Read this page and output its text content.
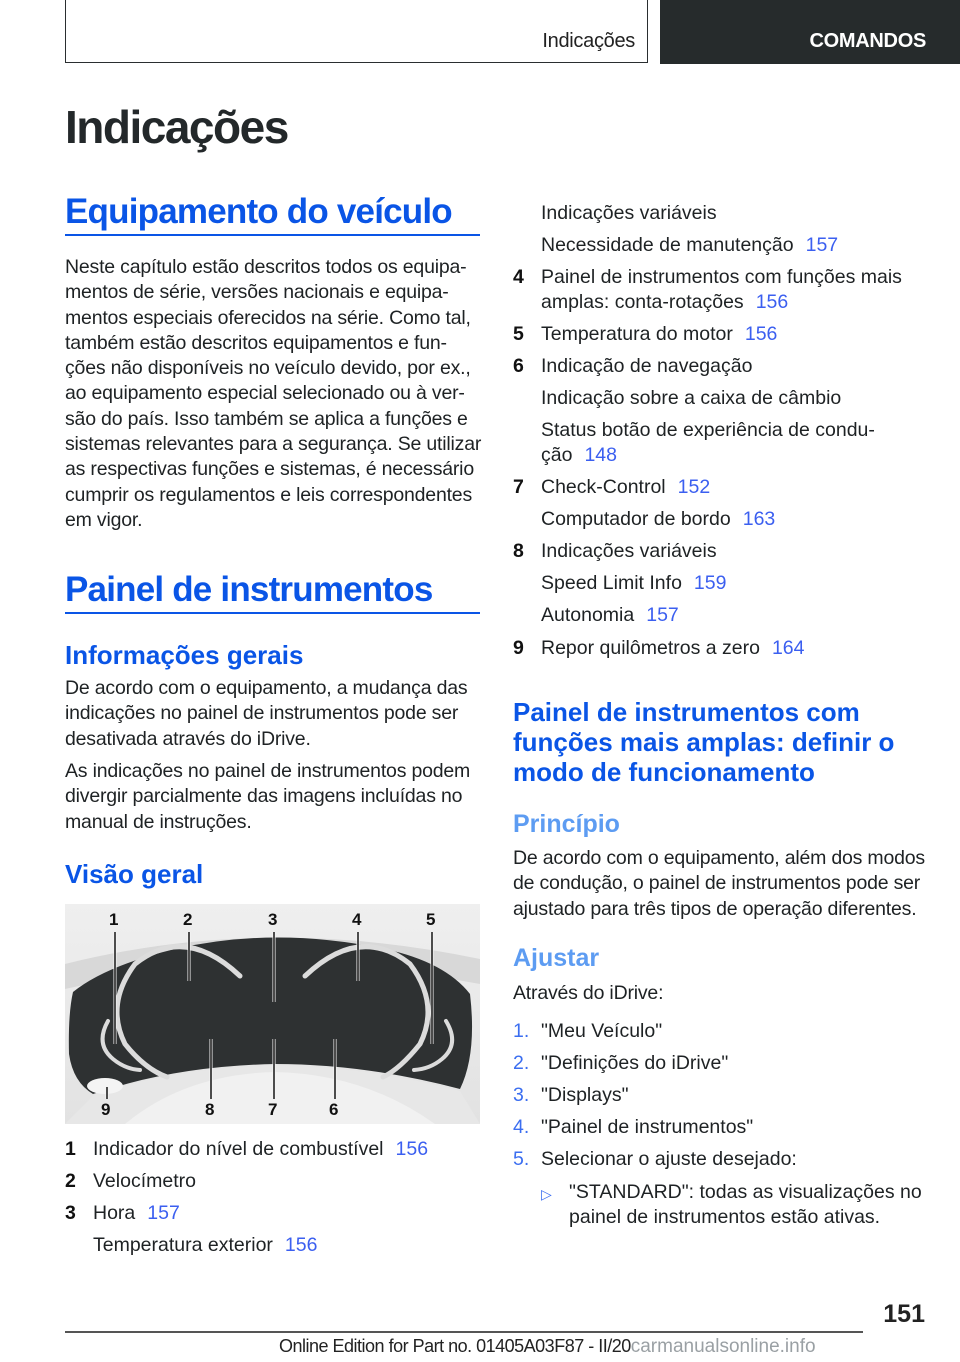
Indicações	COMANDOS
Indicações
Equipamento do veículo
Neste capítulo estão descritos todos os equipa-
mentos de série, versões nacionais e equipa-
mentos especiais oferecidos na série. Como tal,
também estão descritos equipamentos e fun-
ções não disponíveis no veículo devido, por ex.,
ao equipamento especial selecionado ou à ver-
são do país. Isso também se aplica a funções e
sistemas relevantes para a segurança. Se utilizar
as respectivas funções e sistemas, é necessário
cumprir os regulamentos e leis correspondentes
em vigor.
Painel de instrumentos
Informações gerais
De acordo com o equipamento, a mudança das
indicações no painel de instrumentos pode ser
desativada através do iDrive.
As indicações no painel de instrumentos podem
divergir parcialmente das imagens incluídas no
manual de instruções.
Visão geral
1	2	3	4	5
9	8	7	6
1 Indicador do nível de combustível 156
2 Velocímetro
3 Hora 157
Temperatura exterior 156
Indicações variáveis
Necessidade de manutenção 157
4 Painel de instrumentos com funções mais
amplas: conta-rotações 156
5 Temperatura do motor 156
6 Indicação de navegação
Indicação sobre a caixa de câmbio
Status botão de experiência de condu-
ção 148
7 Check-Control 152
Computador de bordo 163
8 Indicações variáveis
Speed Limit Info 159
Autonomia 157
9 Repor quilômetros a zero 164
Painel de instrumentos com
funções mais amplas: definir o
modo de funcionamento
Princípio
De acordo com o equipamento, além dos modos
de condução, o painel de instrumentos pode ser
ajustado para três tipos de operação diferentes.
Ajustar
Através do iDrive:
1. "Meu Veículo"
2. "Definições do iDrive"
3. "Displays"
4. "Painel de instrumentos"
5. Selecionar o ajuste desejado:
▷ "STANDARD": todas as visualizações no
painel de instrumentos estão ativas.
151
Online Edition for Part no. 01405A03F87 - II/20carmanualsonline.info
